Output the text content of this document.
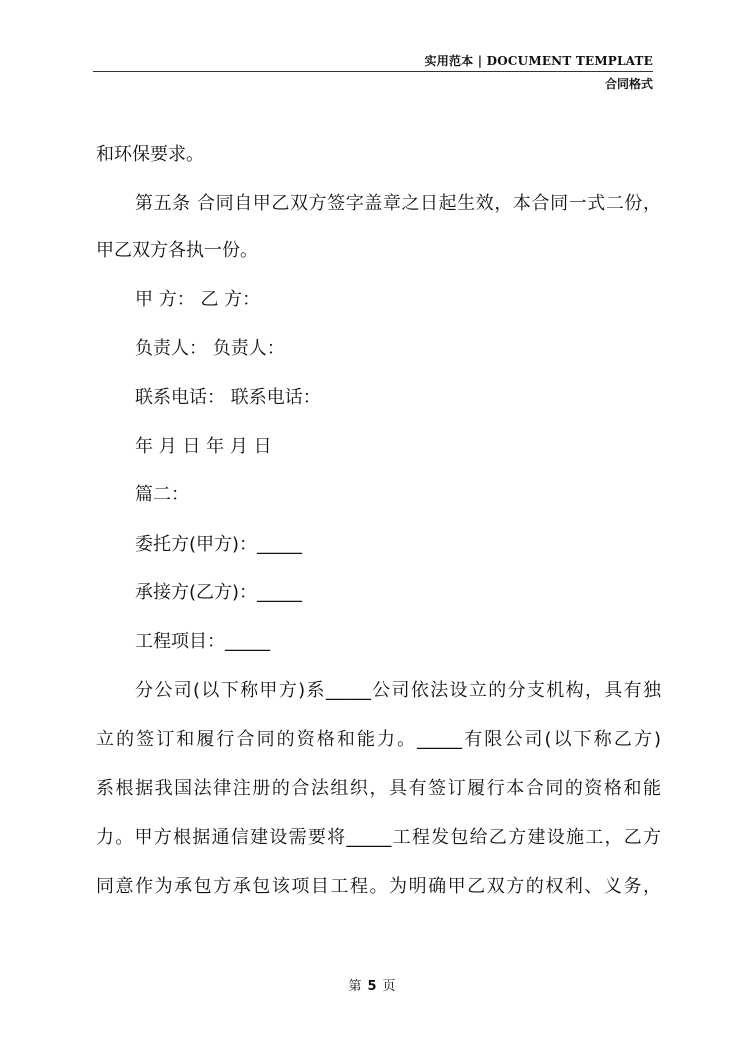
实用范本 | DOCUMENT TEMPLATE
合同格式
和环保要求。
第五条 合同自甲乙双方签字盖章之日起生效，本合同一式二份，
甲乙双方各执一份。
甲 方： 乙 方：
负责人： 负责人：
联系电话： 联系电话：
年 月 日 年 月 日
篇二：
委托方(甲方)：_____
承接方(乙方)：_____
工程项目：_____
分公司(以下称甲方)系_____公司依法设立的分支机构，具有独
立的签订和履行合同的资格和能力。_____有限公司(以下称乙方)
系根据我国法律注册的合法组织，具有签订履行本合同的资格和能
力。甲方根据通信建设需要将_____工程发包给乙方建设施工，乙方
同意作为承包方承包该项目工程。为明确甲乙双方的权利、义务，
第 5 页
